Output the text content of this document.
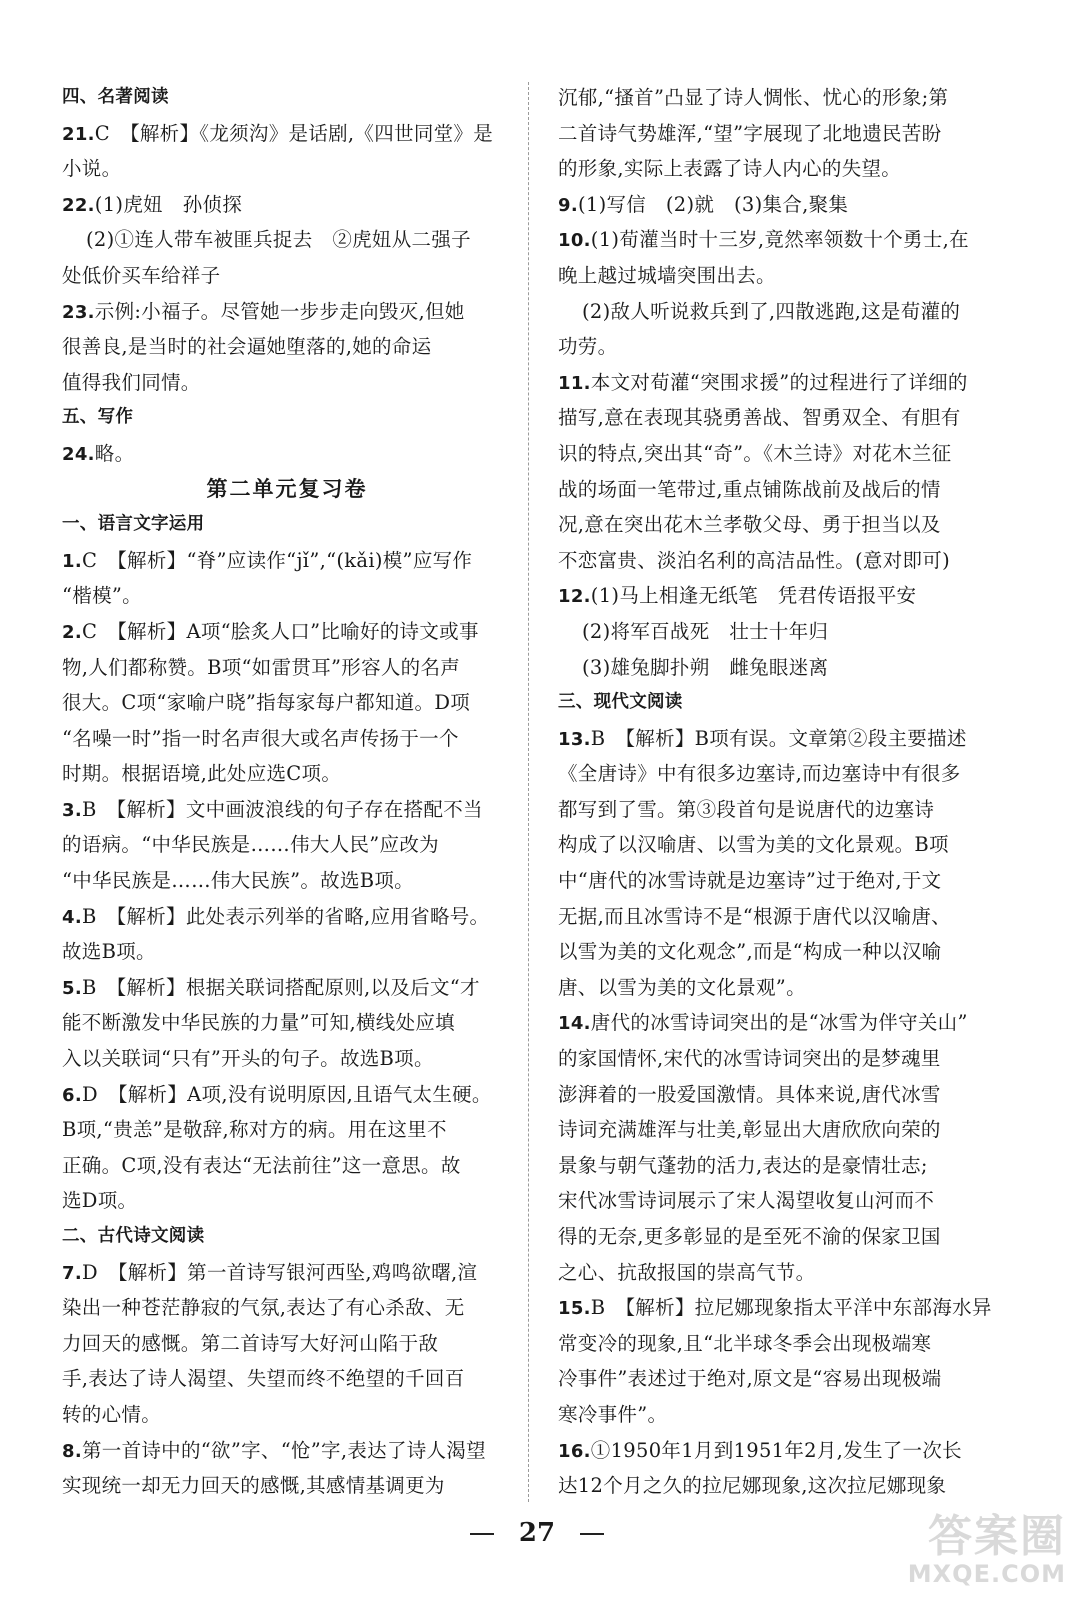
四、名著阅读
21.C　【解析】《龙须沟》是话剧,《四世同堂》是
小说。
22.(1)虎妞　孙侦探
(2)①连人带车被匪兵捉去　②虎妞从二强子
处低价买车给祥子
23.示例:小福子。尽管她一步步走向毁灭,但她
很善良,是当时的社会逼她堕落的,她的命运
值得我们同情。
五、写作
24.略。
第二单元复习卷
一、语言文字运用
1.C　【解析】“脊”应读作“jǐ”,“(kǎi)模”应写作
“楷模”。
2.C　【解析】A项“脍炙人口”比喻好的诗文或事
物,人们都称赞。B项“如雷贯耳”形容人的名声
很大。C项“家喻户晓”指每家每户都知道。D项
“名噪一时”指一时名声很大或名声传扬于一个
时期。根据语境,此处应选C项。
3.B　【解析】文中画波浪线的句子存在搭配不当
的语病。“中华民族是……伟大人民”应改为
“中华民族是……伟大民族”。故选B项。
4.B　【解析】此处表示列举的省略,应用省略号。
故选B项。
5.B　【解析】根据关联词搭配原则,以及后文“才
能不断激发中华民族的力量”可知,横线处应填
入以关联词“只有”开头的句子。故选B项。
6.D　【解析】A项,没有说明原因,且语气太生硬。
B项,“贵恙”是敬辞,称对方的病。用在这里不
正确。C项,没有表达“无法前往”这一意思。故
选D项。
二、古代诗文阅读
7.D　【解析】第一首诗写银河西坠,鸡鸣欲曙,渲
染出一种苍茫静寂的气氛,表达了有心杀敌、无
力回天的感慨。第二首诗写大好河山陷于敌
手,表达了诗人渴望、失望而终不绝望的千回百
转的心情。
8.第一首诗中的“欲”字、“怆”字,表达了诗人渴望
实现统一却无力回天的感慨,其感情基调更为
沉郁,“搔首”凸显了诗人惆怅、忧心的形象;第
二首诗气势雄浑,“望”字展现了北地遗民苦盼
的形象,实际上表露了诗人内心的失望。
9.(1)写信　(2)就　(3)集合,聚集
10.(1)荀灌当时十三岁,竟然率领数十个勇士,在
晚上越过城墙突围出去。
(2)敌人听说救兵到了,四散逃跑,这是荀灌的
功劳。
11.本文对荀灌“突围求援”的过程进行了详细的
描写,意在表现其骁勇善战、智勇双全、有胆有
识的特点,突出其“奇”。《木兰诗》对花木兰征
战的场面一笔带过,重点铺陈战前及战后的情
况,意在突出花木兰孝敬父母、勇于担当以及
不恋富贵、淡泊名利的高洁品性。(意对即可)
12.(1)马上相逢无纸笔　凭君传语报平安
(2)将军百战死　壮士十年归
(3)雄兔脚扑朔　雌兔眼迷离
三、现代文阅读
13.B　【解析】B项有误。文章第②段主要描述
《全唐诗》中有很多边塞诗,而边塞诗中有很多
都写到了雪。第③段首句是说唐代的边塞诗
构成了以汉喻唐、以雪为美的文化景观。B项
中“唐代的冰雪诗就是边塞诗”过于绝对,于文
无据,而且冰雪诗不是“根源于唐代以汉喻唐、
以雪为美的文化观念”,而是“构成一种以汉喻
唐、以雪为美的文化景观”。
14.唐代的冰雪诗词突出的是“冰雪为伴守关山”
的家国情怀,宋代的冰雪诗词突出的是梦魂里
澎湃着的一股爱国激情。具体来说,唐代冰雪
诗词充满雄浑与壮美,彰显出大唐欣欣向荣的
景象与朝气蓬勃的活力,表达的是豪情壮志;
宋代冰雪诗词展示了宋人渴望收复山河而不
得的无奈,更多彰显的是至死不渝的保家卫国
之心、抗敌报国的崇高气节。
15.B　【解析】拉尼娜现象指太平洋中东部海水异
常变冷的现象,且“北半球冬季会出现极端寒
冷事件”表述过于绝对,原文是“容易出现极端
寒冷事件”。
16.①1950年1月到1951年2月,发生了一次长
达12个月之久的拉尼娜现象,这次拉尼娜现象
27	答案圈
MXQE.COM
